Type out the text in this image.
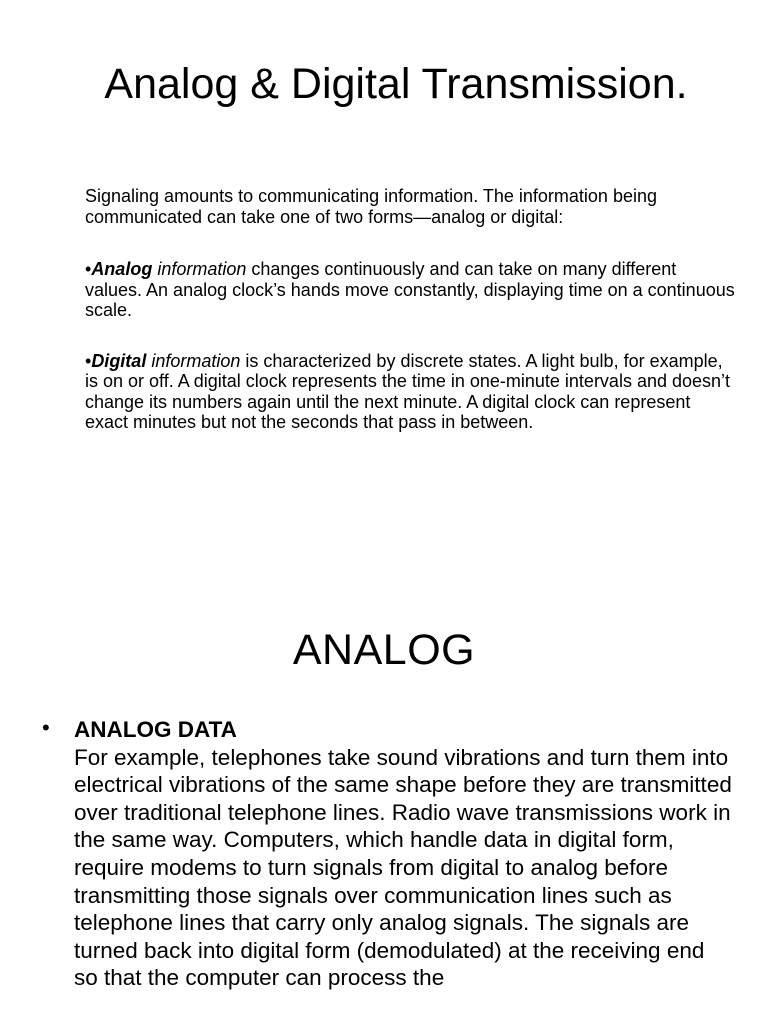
Analog & Digital Transmission.

Signaling amounts to communicating information. The information being communicated can take one of two forms—analog or digital:

•Analog information changes continuously and can take on many different values. An analog clock’s hands move constantly, displaying time on a continuous scale.

•Digital information is characterized by discrete states. A light bulb, for example, is on or off. A digital clock represents the time in one-minute intervals and doesn’t change its numbers again until the next minute. A digital clock can represent exact minutes but not the seconds that pass in between.

ANALOG
• ANALOG DATA
For example, telephones take sound vibrations and turn them into electrical vibrations of the same shape before they are transmitted over traditional telephone lines. Radio wave transmissions work in the same way. Computers, which handle data in digital form, require modems to turn signals from digital to analog before transmitting those signals over communication lines such as telephone lines that carry only analog signals. The signals are turned back into digital form (demodulated) at the receiving end so that the computer can process the
